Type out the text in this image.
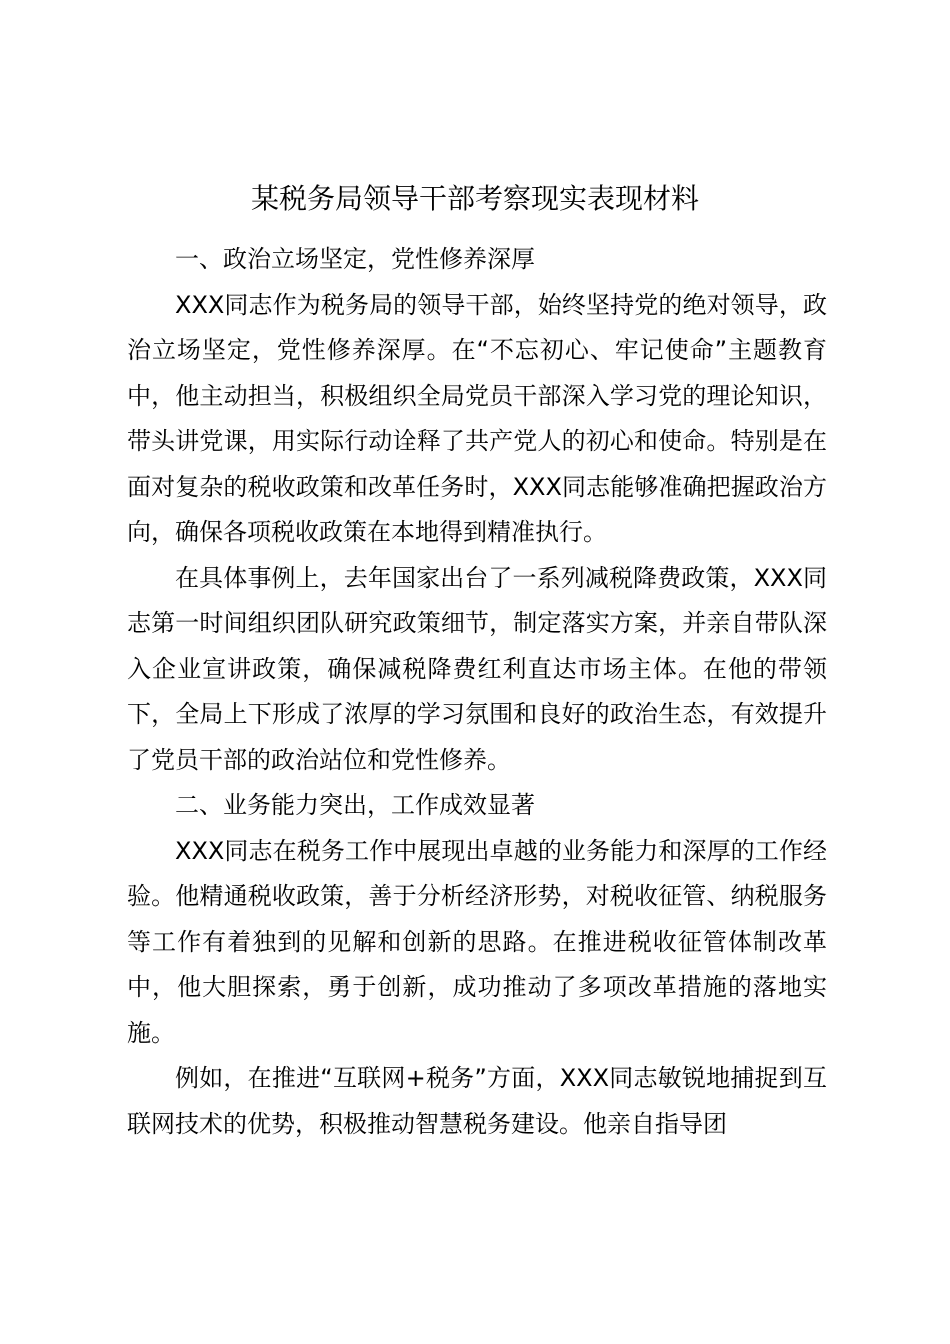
某税务局领导干部考察现实表现材料

一、政治立场坚定，党性修养深厚

XXX同志作为税务局的领导干部，始终坚持党的绝对领导，政治立场坚定，党性修养深厚。在“不忘初心、牢记使命”主题教育中，他主动担当，积极组织全局党员干部深入学习党的理论知识，带头讲党课，用实际行动诠释了共产党人的初心和使命。特别是在面对复杂的税收政策和改革任务时，XXX同志能够准确把握政治方向，确保各项税收政策在本地得到精准执行。

在具体事例上，去年国家出台了一系列减税降费政策，XXX同志第一时间组织团队研究政策细节，制定落实方案，并亲自带队深入企业宣讲政策，确保减税降费红利直达市场主体。在他的带领下，全局上下形成了浓厚的学习氛围和良好的政治生态，有效提升了党员干部的政治站位和党性修养。

二、业务能力突出，工作成效显著

XXX同志在税务工作中展现出卓越的业务能力和深厚的工作经验。他精通税收政策，善于分析经济形势，对税收征管、纳税服务等工作有着独到的见解和创新的思路。在推进税收征管体制改革中，他大胆探索，勇于创新，成功推动了多项改革措施的落地实施。

例如，在推进“互联网+税务”方面，XXX同志敏锐地捕捉到互联网技术的优势，积极推动智慧税务建设。他亲自指导团
